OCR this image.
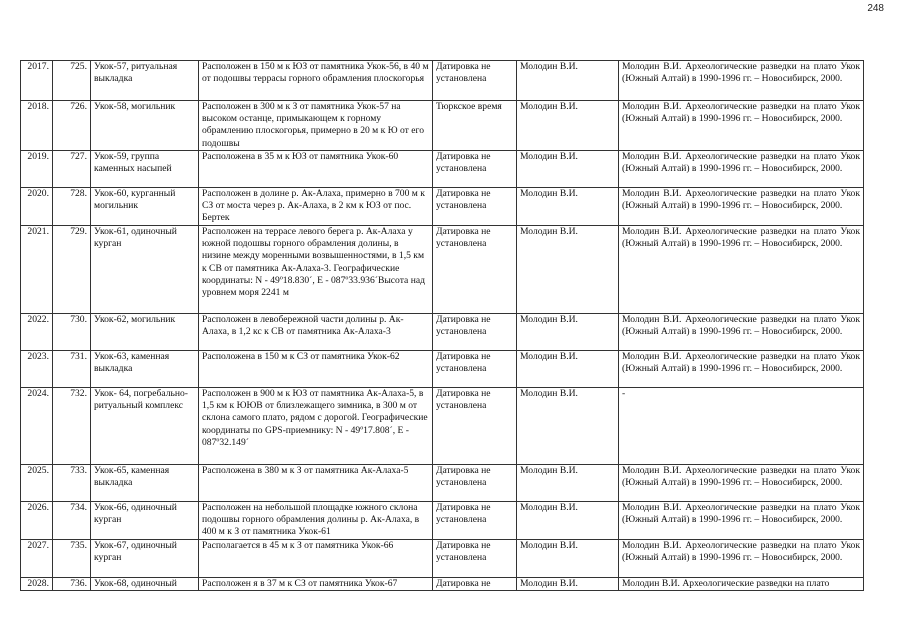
248
2017.	725.	Укок-57, ритуальная выкладка	Расположен в 150 м к ЮЗ от памятника Укок-56, в 40 м от подошвы террасы горного обрамления плоскогорья	Датировка не установлена	Молодин В.И.	Молодин В.И. Археологические разведки на плато Укок (Южный Алтай) в 1990-1996 гг. – Новосибирск, 2000.
2018.	726.	Укок-58, могильник	Расположен в 300 м к З от памятника Укок-57 на высоком останце, примыкающем к горному обрамлению плоскогорья, примерно в 20 м к Ю от его подошвы	Тюркское время	Молодин В.И.	Молодин В.И. Археологические разведки на плато Укок (Южный Алтай) в 1990-1996 гг. – Новосибирск, 2000.
2019.	727.	Укок-59, группа каменных насыпей	Расположена в 35 м к ЮЗ от памятника Укок-60	Датировка не установлена	Молодин В.И.	Молодин В.И. Археологические разведки на плато Укок (Южный Алтай) в 1990-1996 гг. – Новосибирск, 2000.
2020.	728.	Укок-60, курганный могильник	Расположен в долине р. Ак-Алаха, примерно в 700 м к СЗ от моста через р. Ак-Алаха, в 2 км к ЮЗ от пос. Бертек	Датировка не установлена	Молодин В.И.	Молодин В.И. Археологические разведки на плато Укок (Южный Алтай) в 1990-1996 гг. – Новосибирск, 2000.
2021.	729.	Укок-61, одиночный курган	Расположен на террасе левого берега р. Ак-Алаха у южной подошвы горного обрамления долины, в низине между моренными возвышенностями, в 1,5 км к СВ от памятника Ак-Алаха-3. Географические координаты: N - 49º18.830´, E - 087º33.936´Высота над уровнем моря 2241 м	Датировка не установлена	Молодин В.И.	Молодин В.И. Археологические разведки на плато Укок (Южный Алтай) в 1990-1996 гг. – Новосибирск, 2000.
2022.	730.	Укок-62, могильник	Расположен в левобережной части долины р. Ак-Алаха, в 1,2 кс к СВ от памятника Ак-Алаха-3	Датировка не установлена	Молодин В.И.	Молодин В.И. Археологические разведки на плато Укок (Южный Алтай) в 1990-1996 гг. – Новосибирск, 2000.
2023.	731.	Укок-63, каменная выкладка	Расположена в 150 м к СЗ от памятника Укок-62	Датировка не установлена	Молодин В.И.	Молодин В.И. Археологические разведки на плато Укок (Южный Алтай) в 1990-1996 гг. – Новосибирск, 2000.
2024.	732.	Укок- 64, погребально-ритуальный комплекс	Расположен в 900 м к ЮЗ от памятника Ак-Алаха-5, в 1,5 км к ЮЮВ от близлежащего зимника, в 300 м от склона самого плато, рядом с дорогой. Географические координаты по GPS-приемнику: N - 49º17.808´, E - 087º32.149´	Датировка не установлена	Молодин В.И.	-
2025.	733.	Укок-65, каменная выкладка	Расположена в 380 м к З от памятника Ак-Алаха-5	Датировка не установлена	Молодин В.И.	Молодин В.И. Археологические разведки на плато Укок (Южный Алтай) в 1990-1996 гг. – Новосибирск, 2000.
2026.	734.	Укок-66, одиночный курган	Расположен на небольшой площадке южного склона подошвы горного обрамления долины р. Ак-Алаха, в 400 м к З от памятника Укок-61	Датировка не установлена	Молодин В.И.	Молодин В.И. Археологические разведки на плато Укок (Южный Алтай) в 1990-1996 гг. – Новосибирск, 2000.
2027.	735.	Укок-67, одиночный курган	Располагается в 45 м к З от памятника Укок-66	Датировка не установлена	Молодин В.И.	Молодин В.И. Археологические разведки на плато Укок (Южный Алтай) в 1990-1996 гг. – Новосибирск, 2000.
2028.	736.	Укок-68, одиночный	Расположен я в 37 м к СЗ от памятника Укок-67	Датировка не	Молодин В.И.	Молодин В.И. Археологические разведки на плато
